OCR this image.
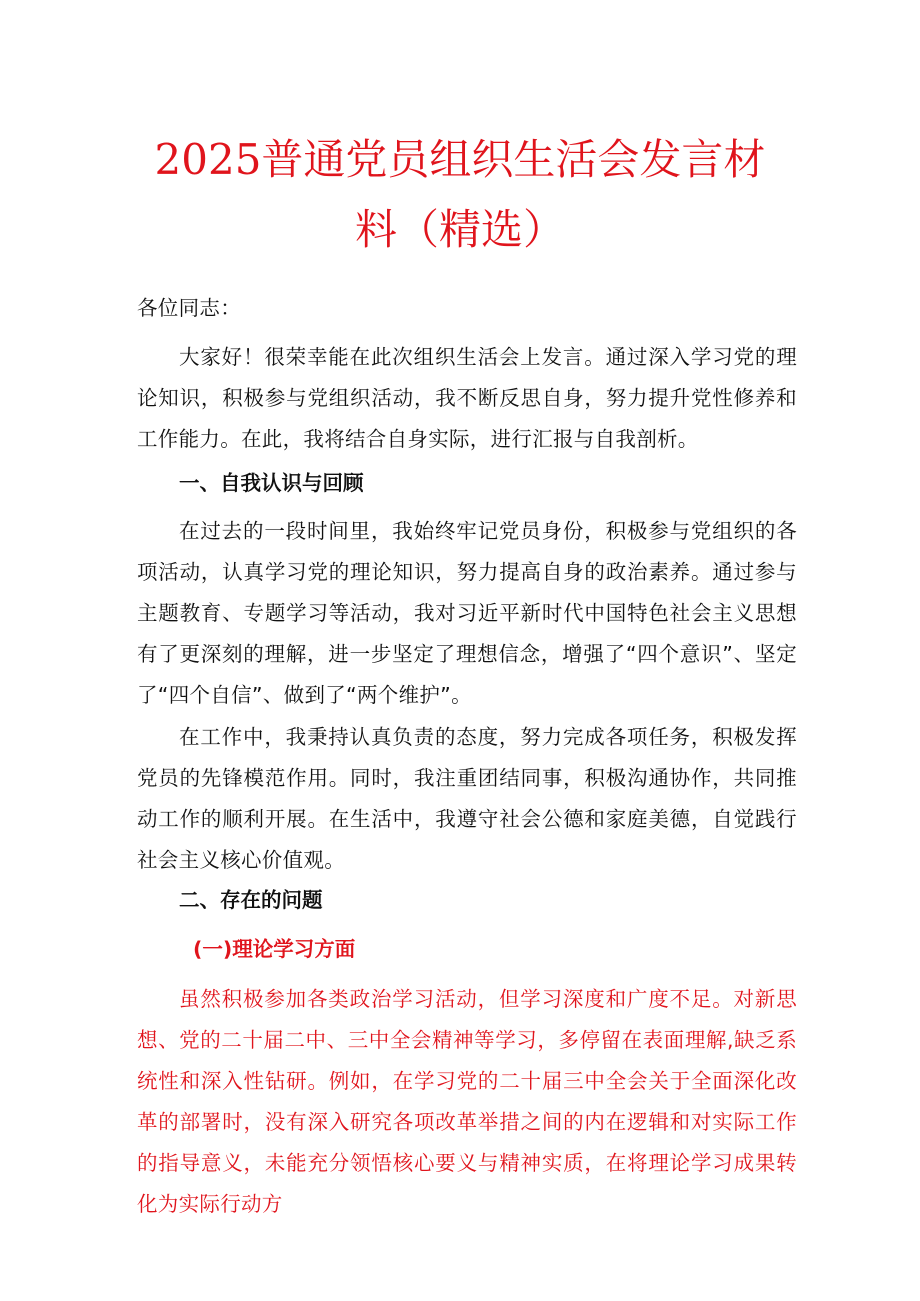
2025普通党员组织生活会发言材
料（精选）

各位同志：

大家好！很荣幸能在此次组织生活会上发言。通过深入学习党的理论知识，积极参与党组织活动，我不断反思自身，努力提升党性修养和工作能力。在此，我将结合自身实际，进行汇报与自我剖析。

一、自我认识与回顾

在过去的一段时间里，我始终牢记党员身份，积极参与党组织的各项活动，认真学习党的理论知识，努力提高自身的政治素养。通过参与主题教育、专题学习等活动，我对习近平新时代中国特色社会主义思想有了更深刻的理解，进一步坚定了理想信念，增强了“四个意识”、坚定了“四个自信”、做到了“两个维护”。

在工作中，我秉持认真负责的态度，努力完成各项任务，积极发挥党员的先锋模范作用。同时，我注重团结同事，积极沟通协作，共同推动工作的顺利开展。在生活中，我遵守社会公德和家庭美德，自觉践行社会主义核心价值观。

二、存在的问题

(一)理论学习方面

虽然积极参加各类政治学习活动，但学习深度和广度不足。对新思想、党的二十届二中、三中全会精神等学习，多停留在表面理解,缺乏系统性和深入性钻研。例如，在学习党的二十届三中全会关于全面深化改革的部署时，没有深入研究各项改革举措之间的内在逻辑和对实际工作的指导意义，未能充分领悟核心要义与精神实质，在将理论学习成果转化为实际行动方
